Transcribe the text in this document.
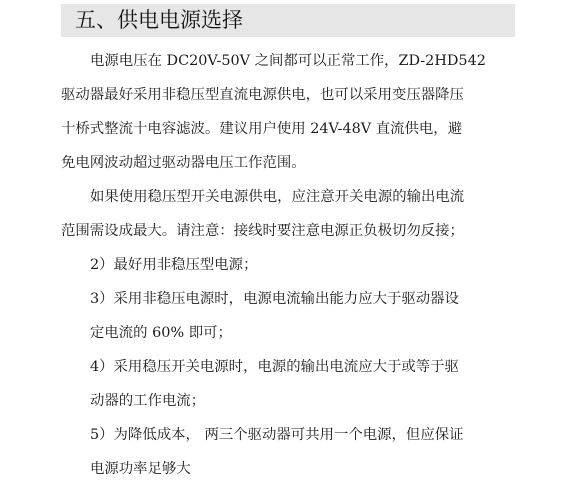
五、供电电源选择
电源电压在 DC20V-50V 之间都可以正常工作，ZD-2HD542
驱动器最好采用非稳压型直流电源供电，也可以采用变压器降压
十桥式整流十电容滤波。建议用户使用 24V-48V 直流供电，避
免电网波动超过驱动器电压工作范围。
如果使用稳压型开关电源供电，应注意开关电源的输出电流
范围需设成最大。请注意：接线时要注意电源正负极切勿反接；
2）最好用非稳压型电源；
3）采用非稳压电源时，电源电流输出能力应大于驱动器设
定电流的 60% 即可；
4）采用稳压开关电源时，电源的输出电流应大于或等于驱
动器的工作电流；
5）为降低成本， 两三个驱动器可共用一个电源，但应保证
电源功率足够大
